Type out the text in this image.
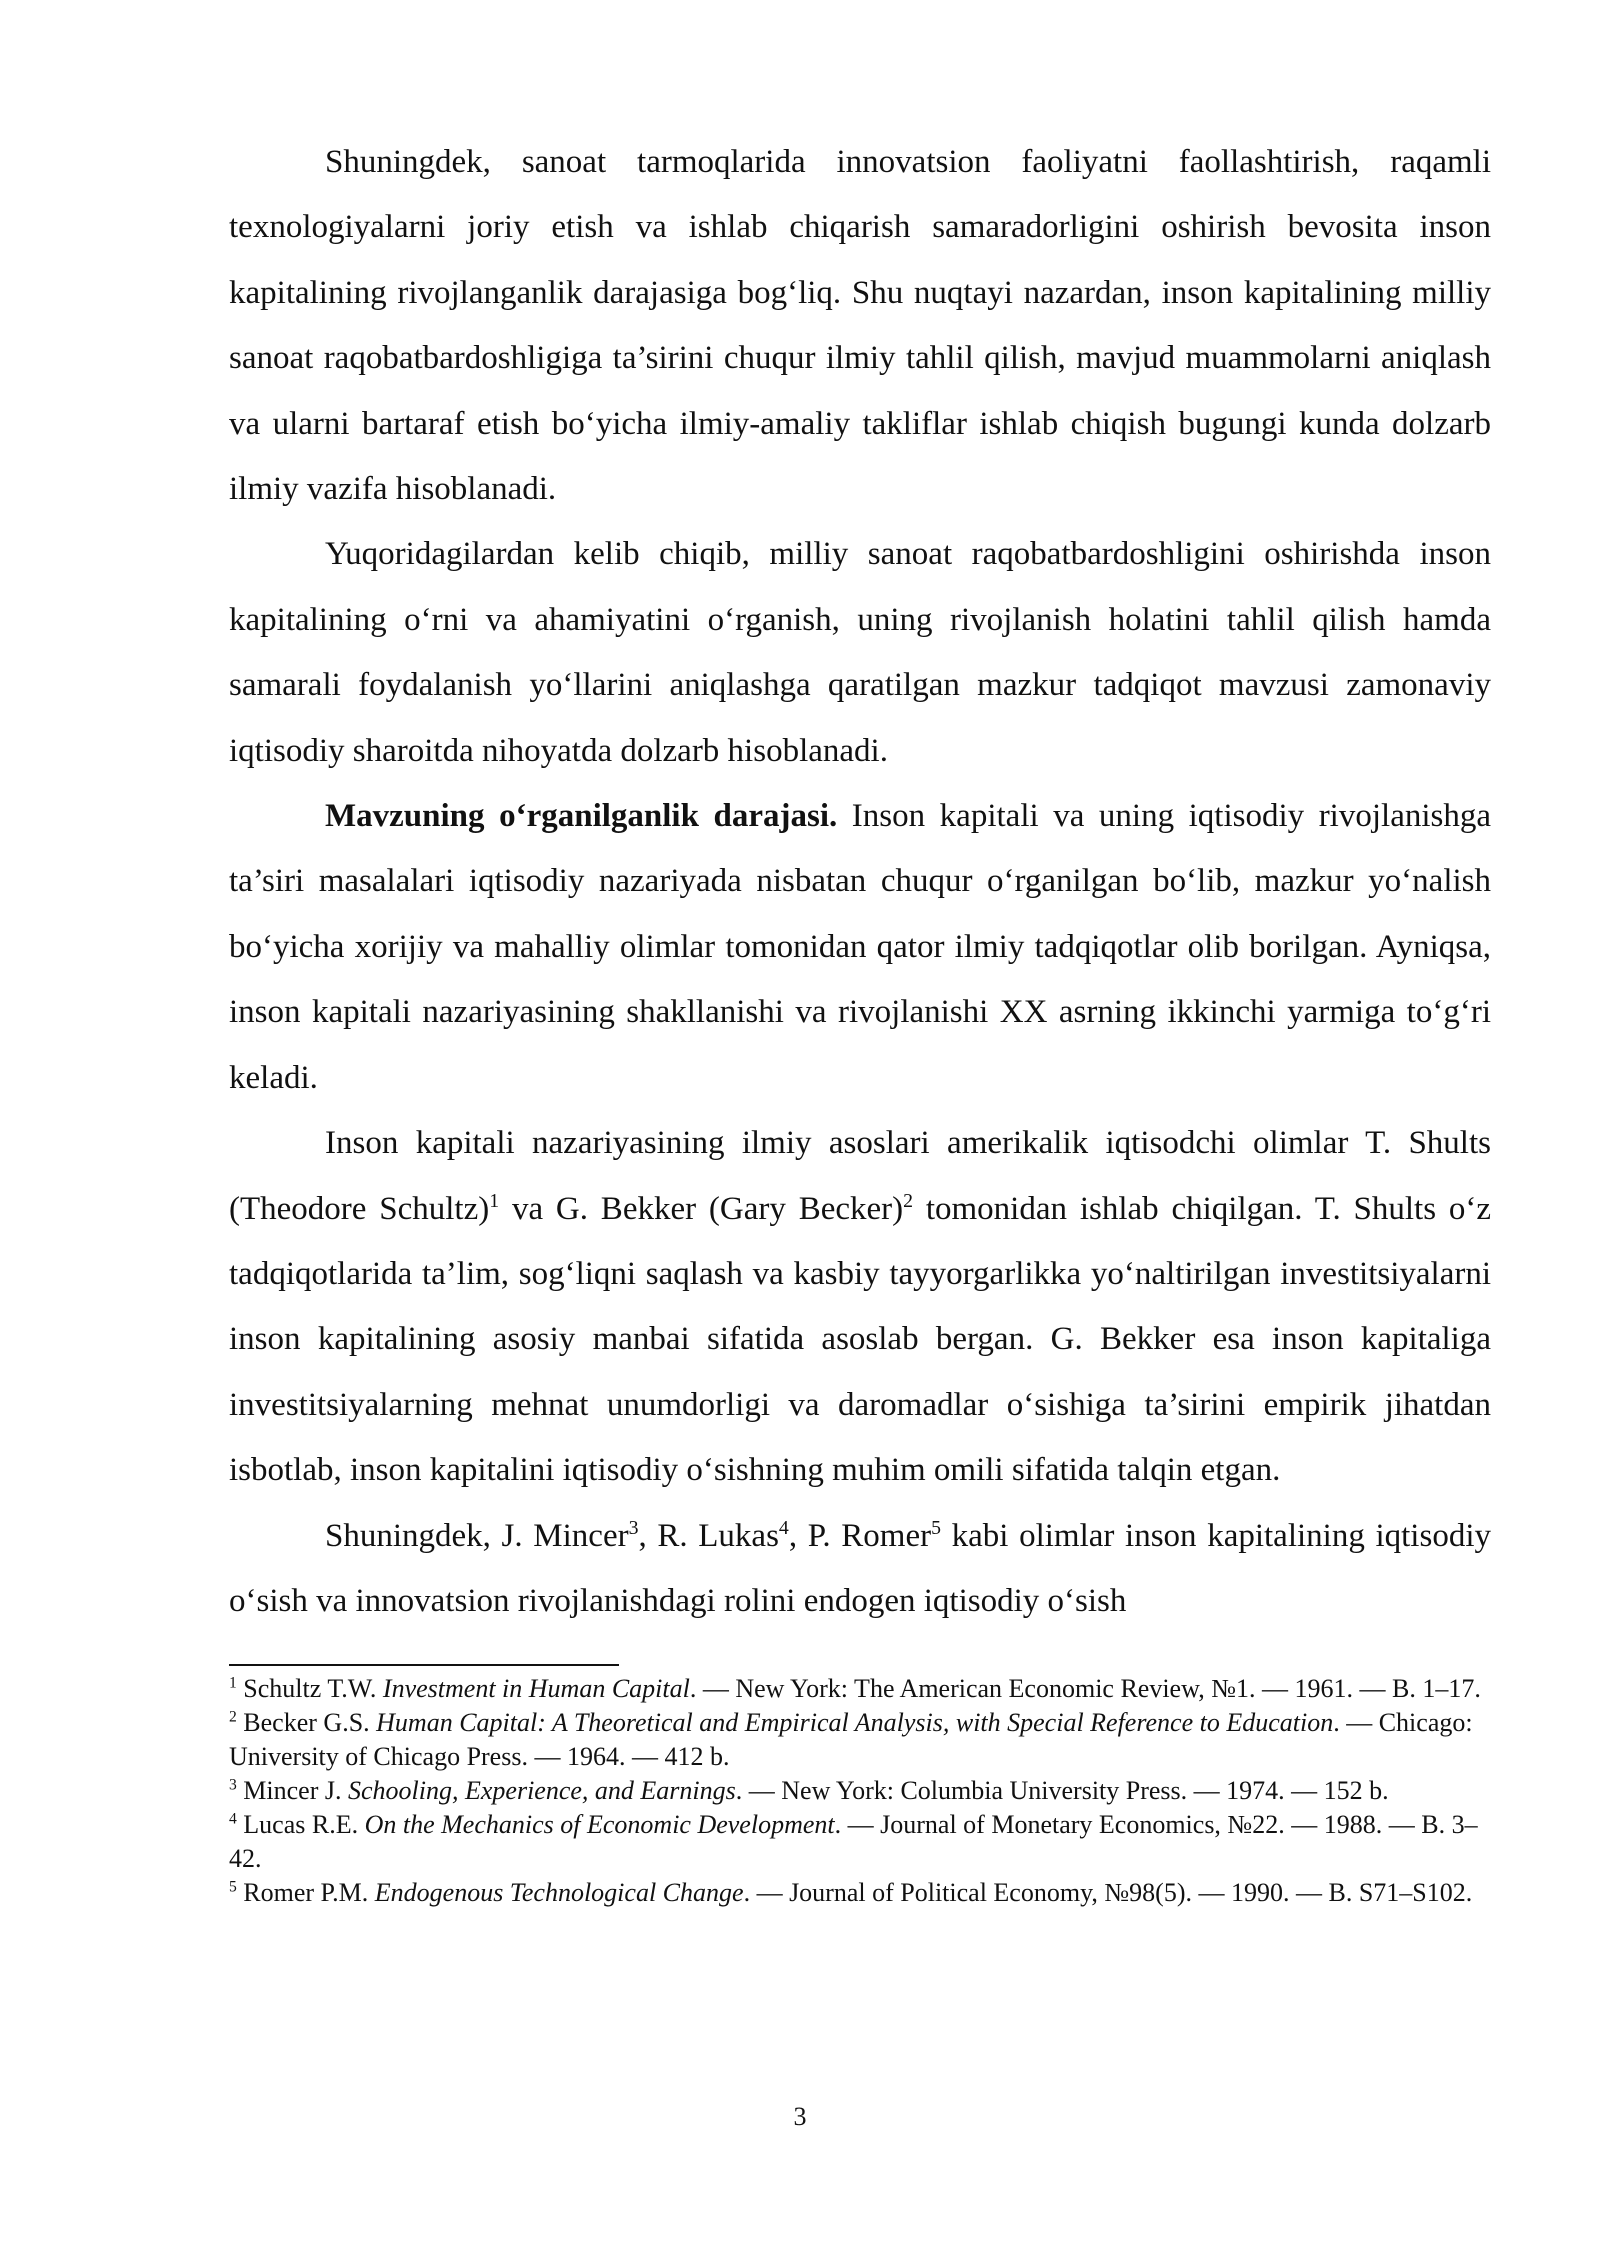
Shuningdek, sanoat tarmoqlarida innovatsion faoliyatni faollashtirish, raqamli texnologiyalarni joriy etish va ishlab chiqarish samaradorligini oshirish bevosita inson kapitalining rivojlanganlik darajasiga bog‘liq. Shu nuqtayi nazardan, inson kapitalining milliy sanoat raqobatbardoshligiga ta’sirini chuqur ilmiy tahlil qilish, mavjud muammolarni aniqlash va ularni bartaraf etish bo‘yicha ilmiy-amaliy takliflar ishlab chiqish bugungi kunda dolzarb ilmiy vazifa hisoblanadi.

Yuqoridagilardan kelib chiqib, milliy sanoat raqobatbardoshligini oshirishda inson kapitalining o‘rni va ahamiyatini o‘rganish, uning rivojlanish holatini tahlil qilish hamda samarali foydalanish yo‘llarini aniqlashga qaratilgan mazkur tadqiqot mavzusi zamonaviy iqtisodiy sharoitda nihoyatda dolzarb hisoblanadi.

Mavzuning o‘rganilganlik darajasi. Inson kapitali va uning iqtisodiy rivojlanishga ta’siri masalalari iqtisodiy nazariyada nisbatan chuqur o‘rganilgan bo‘lib, mazkur yo‘nalish bo‘yicha xorijiy va mahalliy olimlar tomonidan qator ilmiy tadqiqotlar olib borilgan. Ayniqsa, inson kapitali nazariyasining shakllanishi va rivojlanishi XX asrning ikkinchi yarmiga to‘g‘ri keladi.

Inson kapitali nazariyasining ilmiy asoslari amerikalik iqtisodchi olimlar T. Shults (Theodore Schultz)$^1$ va G. Bekker (Gary Becker)$^2$ tomonidan ishlab chiqilgan. T. Shults o‘z tadqiqotlarida ta’lim, sog‘liqni saqlash va kasbiy tayyorgarlikka yo‘naltirilgan investitsiyalarni inson kapitalining asosiy manbai sifatida asoslab bergan. G. Bekker esa inson kapitaliga investitsiyalarning mehnat unumdorligi va daromadlar o‘sishiga ta’sirini empirik jihatdan isbotlab, inson kapitalini iqtisodiy o‘sishning muhim omili sifatida talqin etgan.

Shuningdek, J. Mincer$^3$, R. Lukas$^4$, P. Romer$^5$ kabi olimlar inson kapitalining iqtisodiy o‘sish va innovatsion rivojlanishdagi rolini endogen iqtisodiy o‘sish

$^1$ Schultz T.W. Investment in Human Capital. — New York: The American Economic Review, №1. — 1961. — B. 1–17.

$^2$ Becker G.S. Human Capital: A Theoretical and Empirical Analysis, with Special Reference to Education. — Chicago: University of Chicago Press. — 1964. — 412 b.

$^3$ Mincer J. Schooling, Experience, and Earnings. — New York: Columbia University Press. — 1974. — 152 b.

$^4$ Lucas R.E. On the Mechanics of Economic Development. — Journal of Monetary Economics, №22. — 1988. — B. 3–42.

$^5$ Romer P.M. Endogenous Technological Change. — Journal of Political Economy, №98(5). — 1990. — B. S71–S102.

3
